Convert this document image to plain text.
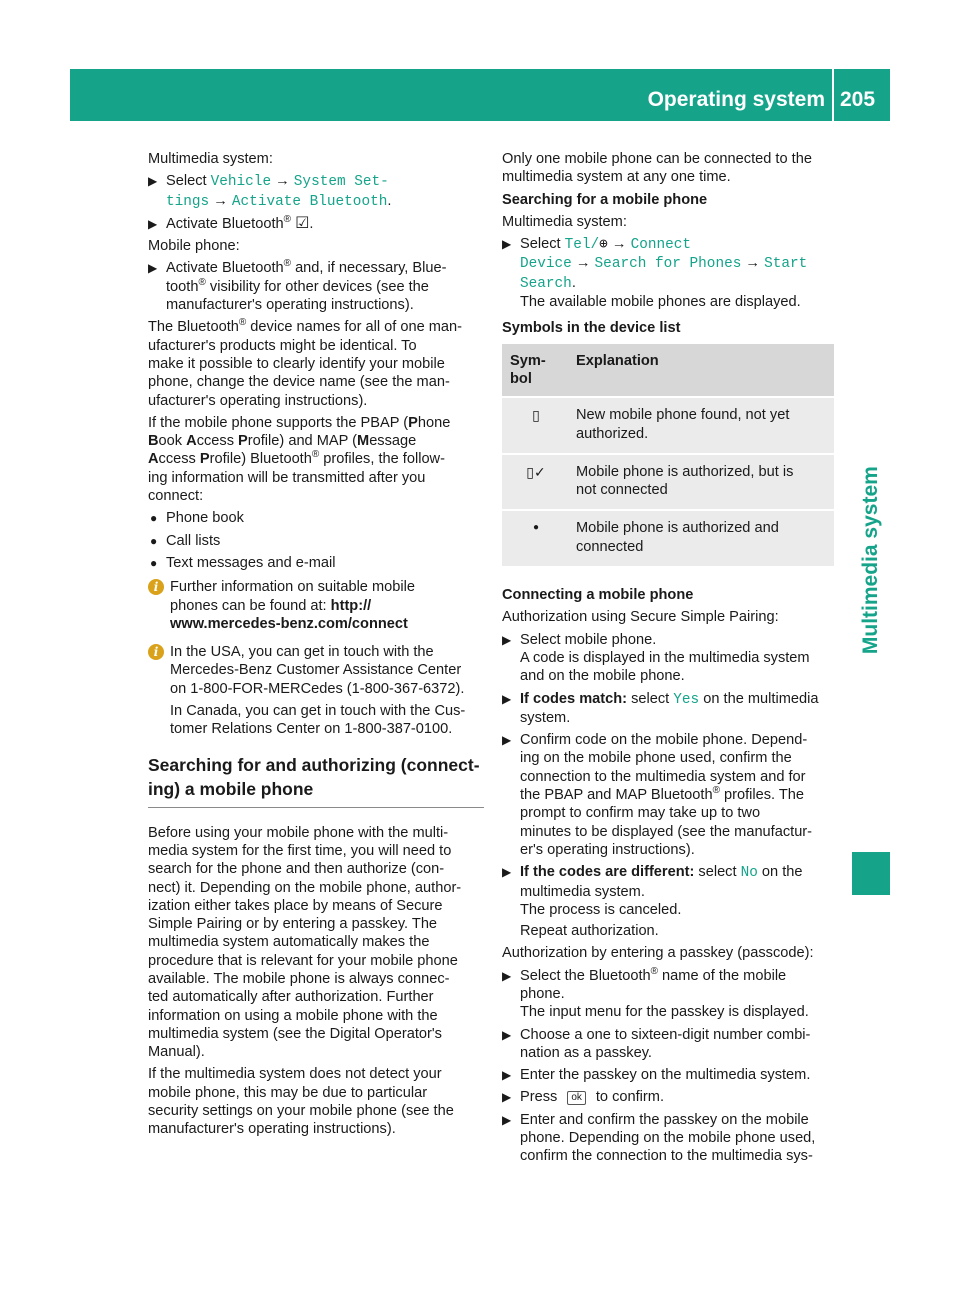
Operating system 205
Multimedia system

Multimedia system:

▶ Select Vehicle → System Set‐
tings → Activate Bluetooth.
▶ Activate Bluetooth® ☑.

Mobile phone:

▶ Activate Bluetooth® and, if necessary, Blue-
tooth® visibility for other devices (see the
manufacturer's operating instructions).
The Bluetooth® device names for all of one man-
ufacturer's products might be identical. To
make it possible to clearly identify your mobile
phone, change the device name (see the man-
ufacturer's operating instructions).
If the mobile phone supports the PBAP (Phone
Book Access Profile) and MAP (Message
Access Profile) Bluetooth® profiles, the follow-
ing information will be transmitted after you
connect:
● Phone book
● Call lists
● Text messages and e-mail
i Further information on suitable mobile
phones can be found at: http://
www.mercedes-benz.com/connect
i In the USA, you can get in touch with the
Mercedes-Benz Customer Assistance Center
on 1-800-FOR-MERCedes (1-800-367-6372).

In Canada, you can get in touch with the Cus-
tomer Relations Center on 1-800-387-0100.
Searching for and authorizing (connect-
ing) a mobile phone
Before using your mobile phone with the multi-
media system for the first time, you will need to
search for the phone and then authorize (con-
nect) it. Depending on the mobile phone, author-
ization either takes place by means of Secure
Simple Pairing or by entering a passkey. The
multimedia system automatically makes the
procedure that is relevant for your mobile phone
available. The mobile phone is always connec-
ted automatically after authorization. Further
information on using a mobile phone with the
multimedia system (see the Digital Operator's
Manual).
If the multimedia system does not detect your
mobile phone, this may be due to particular
security settings on your mobile phone (see the
manufacturer's operating instructions).
Only one mobile phone can be connected to the
multimedia system at any one time.
Searching for a mobile phone

Multimedia system:

▶ Select Tel/⊕ → Connect
Device → Search for Phones → Start
Search.
The available mobile phones are displayed.
Symbols in the device list
Sym-
bol	Explanation
▯	New mobile phone found, not yet
authorized.
▯✓	Mobile phone is authorized, but is
not connected
●	Mobile phone is authorized and
connected
Connecting a mobile phone

Authorization using Secure Simple Pairing:

▶ Select mobile phone.
A code is displayed in the multimedia system
and on the mobile phone.
▶ If codes match: select Yes on the multimedia
system.
▶ Confirm code on the mobile phone. Depend-
ing on the mobile phone used, confirm the
connection to the multimedia system and for
the PBAP and MAP Bluetooth® profiles. The
prompt to confirm may take up to two
minutes to be displayed (see the manufactur-
er's operating instructions).
▶ If the codes are different: select No on the
multimedia system.
The process is canceled.

Repeat authorization.

Authorization by entering a passkey (passcode):

▶ Select the Bluetooth® name of the mobile
phone.
The input menu for the passkey is displayed.
▶ Choose a one to sixteen-digit number combi-
nation as a passkey.
▶ Enter the passkey on the multimedia system.
▶ Press ok to confirm.
▶ Enter and confirm the passkey on the mobile
phone. Depending on the mobile phone used,
confirm the connection to the multimedia sys-
